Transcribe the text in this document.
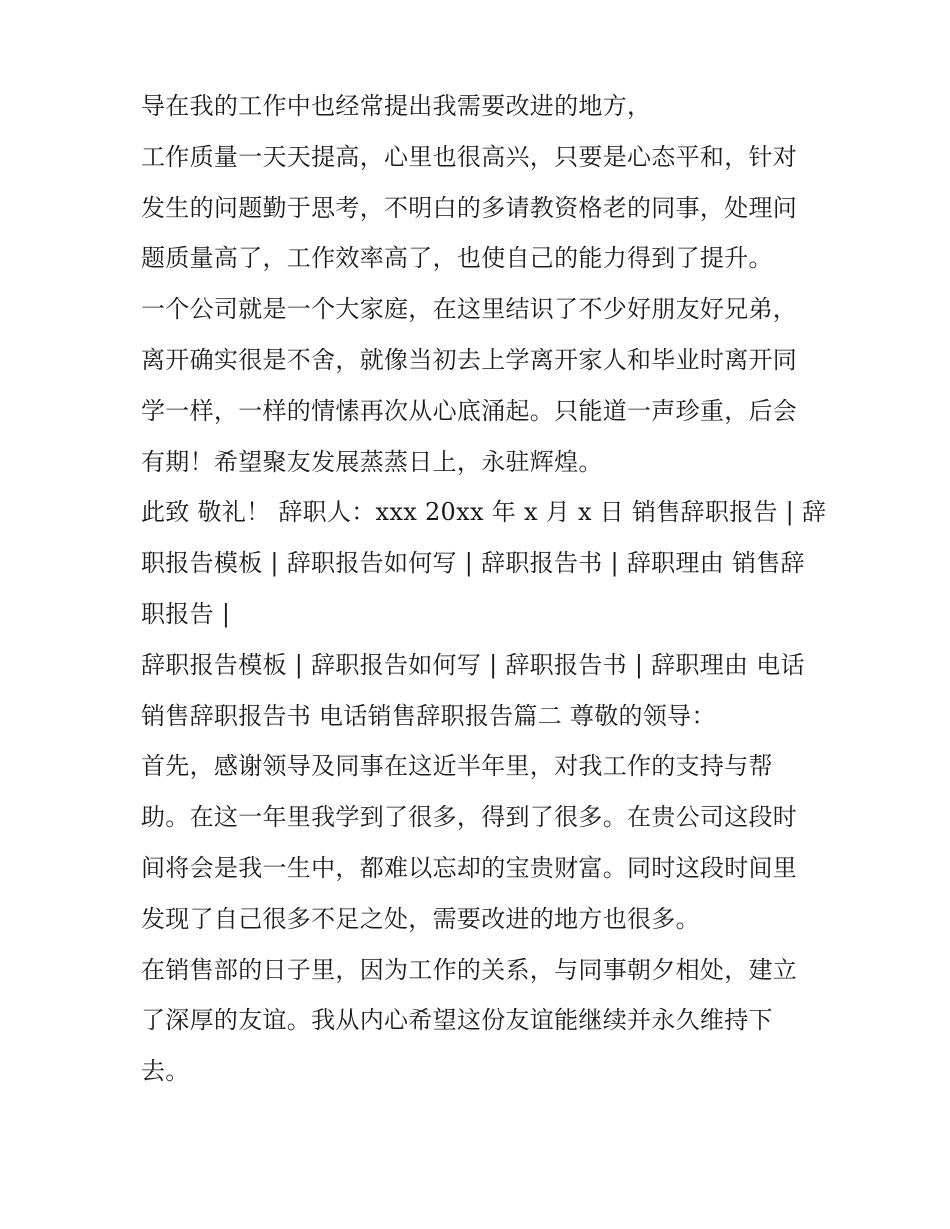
导在我的工作中也经常提出我需要改进的地方，
工作质量一天天提高，心里也很高兴，只要是心态平和，针对
发生的问题勤于思考，不明白的多请教资格老的同事，处理问
题质量高了，工作效率高了，也使自己的能力得到了提升。
一个公司就是一个大家庭，在这里结识了不少好朋友好兄弟，
离开确实很是不舍，就像当初去上学离开家人和毕业时离开同
学一样，一样的情愫再次从心底涌起。只能道一声珍重，后会
有期！希望聚友发展蒸蒸日上，永驻辉煌。
此致 敬礼！ 辞职人：xxx 20xx 年 x 月 x 日 销售辞职报告 | 辞
职报告模板 | 辞职报告如何写 | 辞职报告书 | 辞职理由 销售辞
职报告 |
辞职报告模板 | 辞职报告如何写 | 辞职报告书 | 辞职理由 电话
销售辞职报告书 电话销售辞职报告篇二 尊敬的领导：
首先，感谢领导及同事在这近半年里，对我工作的支持与帮
助。在这一年里我学到了很多，得到了很多。在贵公司这段时
间将会是我一生中，都难以忘却的宝贵财富。同时这段时间里
发现了自己很多不足之处，需要改进的地方也很多。
在销售部的日子里，因为工作的关系，与同事朝夕相处，建立
了深厚的友谊。我从内心希望这份友谊能继续并永久维持下
去。
